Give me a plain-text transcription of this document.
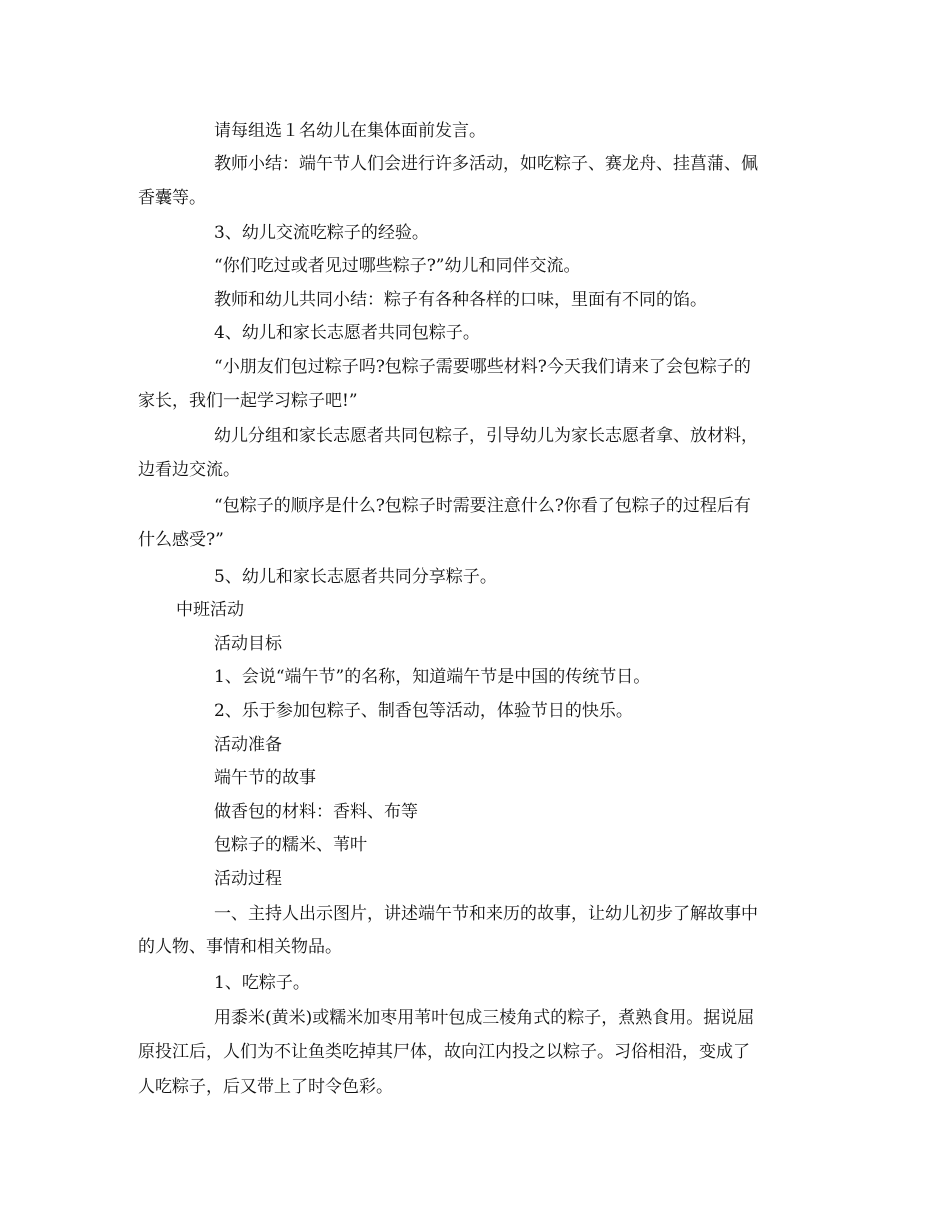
请每组选１名幼儿在集体面前发言。

教师小结：端午节人们会进行许多活动，如吃粽子、赛龙舟、挂菖蒲、佩

香囊等。

3、幼儿交流吃粽子的经验。

“你们吃过或者见过哪些粽子?”幼儿和同伴交流。

教师和幼儿共同小结：粽子有各种各样的口味，里面有不同的馅。

4、幼儿和家长志愿者共同包粽子。

“小朋友们包过粽子吗?包粽子需要哪些材料?今天我们请来了会包粽子的

家长，我们一起学习粽子吧!”

幼儿分组和家长志愿者共同包粽子，引导幼儿为家长志愿者拿、放材料，

边看边交流。

“包粽子的顺序是什么?包粽子时需要注意什么?你看了包粽子的过程后有

什么感受?”

5、幼儿和家长志愿者共同分享粽子。

中班活动

活动目标

1、会说“端午节”的名称，知道端午节是中国的传统节日。

2、乐于参加包粽子、制香包等活动，体验节日的快乐。

活动准备

端午节的故事

做香包的材料：香料、布等

包粽子的糯米、苇叶

活动过程

一、主持人出示图片，讲述端午节和来历的故事，让幼儿初步了解故事中

的人物、事情和相关物品。

1、吃粽子。

用黍米(黄米)或糯米加枣用苇叶包成三棱角式的粽子，煮熟食用。据说屈

原投江后，人们为不让鱼类吃掉其尸体，故向江内投之以粽子。习俗相沿，变成了

人吃粽子，后又带上了时令色彩。
